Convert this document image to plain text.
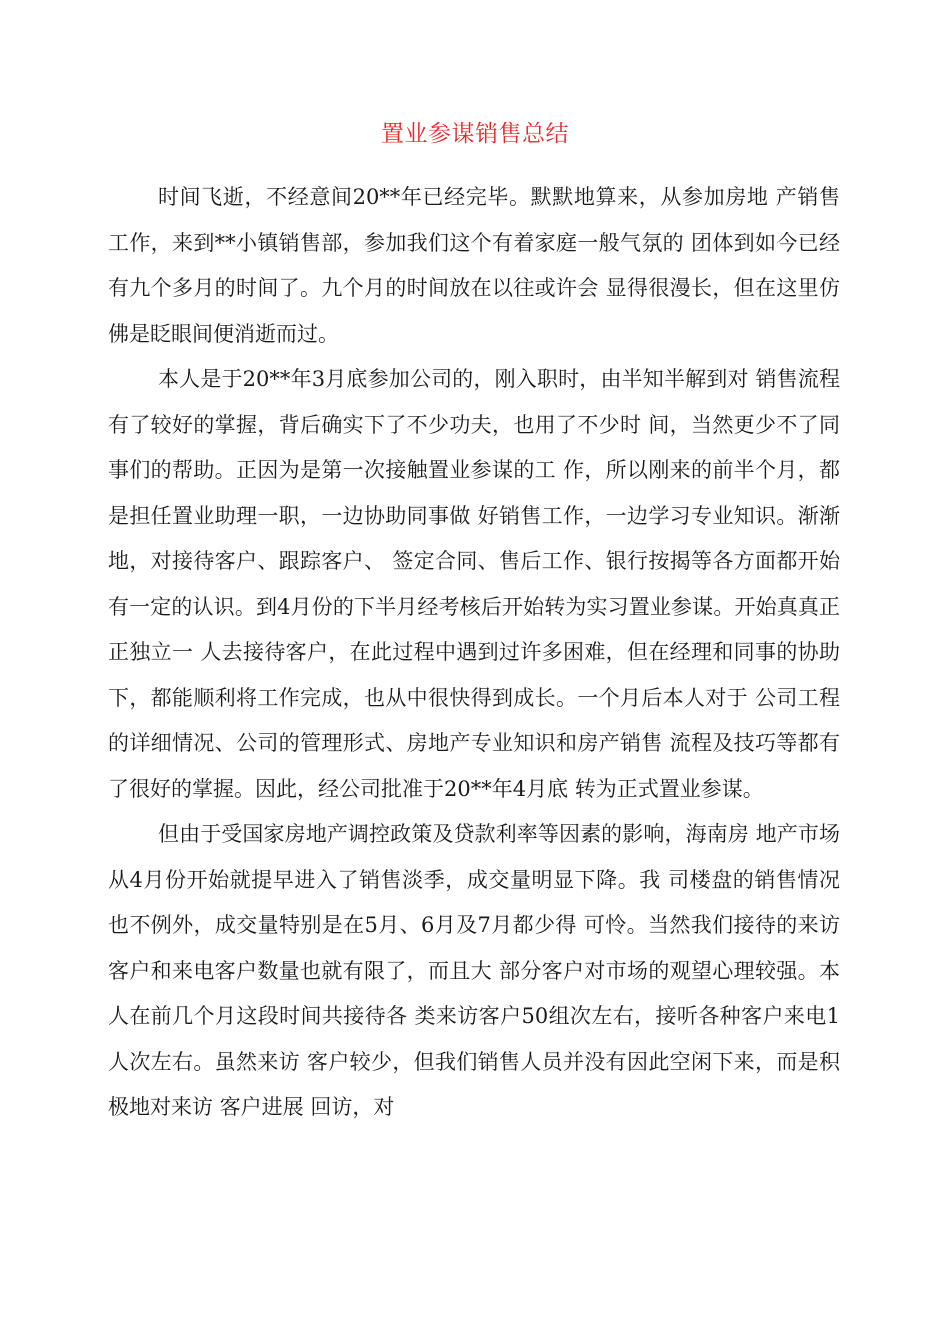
置业参谋销售总结

时间飞逝，不经意间20**年已经完毕。默默地算来，从参加房地 产销售工作，来到**小镇销售部，参加我们这个有着家庭一般气氛的 团体到如今已经有九个多月的时间了。九个月的时间放在以往或许会 显得很漫长，但在这里仿佛是眨眼间便消逝而过。

本人是于20**年3月底参加公司的，刚入职时，由半知半解到对 销售流程有了较好的掌握，背后确实下了不少功夫，也用了不少时 间，当然更少不了同事们的帮助。正因为是第一次接触置业参谋的工 作，所以刚来的前半个月，都是担任置业助理一职，一边协助同事做 好销售工作，一边学习专业知识。渐渐地，对接待客户、跟踪客户、 签定合同、售后工作、银行按揭等各方面都开始有一定的认识。到4月份的下半月经考核后开始转为实习置业参谋。开始真真正正独立一 人去接待客户，在此过程中遇到过许多困难，但在经理和同事的协助 下，都能顺利将工作完成，也从中很快得到成长。一个月后本人对于 公司工程的详细情况、公司的管理形式、房地产专业知识和房产销售 流程及技巧等都有了很好的掌握。因此，经公司批准于20**年4月底 转为正式置业参谋。

但由于受国家房地产调控政策及贷款利率等因素的影响，海南房 地产市场从4月份开始就提早进入了销售淡季，成交量明显下降。我 司楼盘的销售情况也不例外，成交量特别是在5月、6月及7月都少得 可怜。当然我们接待的来访客户和来电客户数量也就有限了，而且大 部分客户对市场的观望心理较强。本人在前几个月这段时间共接待各 类来访客户50组次左右，接听各种客户来电1人次左右。虽然来访 客户较少，但我们销售人员并没有因此空闲下来，而是积极地对来访 客户进展 回访，对
